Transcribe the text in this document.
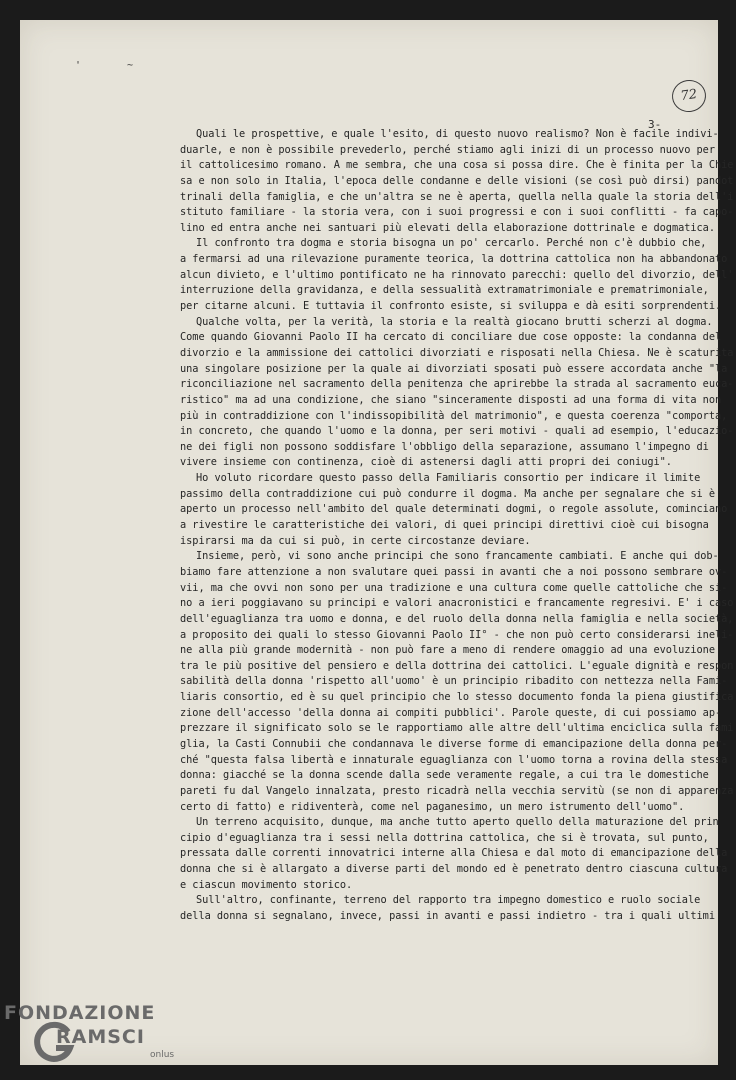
' ~
72
3-
Quali le prospettive, e quale l'esito, di questo nuovo realismo? Non è facile indivi-
duarle, e non è possibile prevederlo, perché stiamo agli inizi di un processo nuovo per
il cattolicesimo romano. A me sembra, che una cosa si possa dire. Che è finita per la Chie
sa e non solo in Italia, l'epoca delle condanne e delle visioni (se così può dirsi) pandot
trinali della famiglia, e che un'altra se ne è aperta, quella nella quale la storia dell'i
stituto familiare - la storia vera, con i suoi progressi e con i suoi conflitti - fa capo-
lino ed entra anche nei santuari più elevati della elaborazione dottrinale e dogmatica.
Il confronto tra dogma e storia bisogna un po' cercarlo. Perché non c'è dubbio che,
a fermarsi ad una rilevazione puramente teorica, la dottrina cattolica non ha abbandonato
alcun divieto, e l'ultimo pontificato ne ha rinnovato parecchi: quello del divorzio, dell'
interruzione della gravidanza, e della sessualità extramatrimoniale e prematrimoniale,
per citarne alcuni. E tuttavia il confronto esiste, si sviluppa e dà esiti sorprendenti.
Qualche volta, per la verità, la storia e la realtà giocano brutti scherzi al dogma.
Come quando Giovanni Paolo II ha cercato di conciliare due cose opposte: la condanna del
divorzio e la ammissione dei cattolici divorziati e risposati nella Chiesa. Ne è scaturita
una singolare posizione per la quale ai divorziati sposati può essere accordata anche "la
riconciliazione nel sacramento della penitenza che aprirebbe la strada al sacramento euca-
ristico" ma ad una condizione, che siano "sinceramente disposti ad una forma di vita non
più in contraddizione con l'indissopibilità del matrimonio", e questa coerenza "comporta,
in concreto, che quando l'uomo e la donna, per seri motivi - quali ad esempio, l'educazio-
ne dei figli non possono soddisfare l'obbligo della separazione, assumano l'impegno di
vivere insieme con continenza, cioè di astenersi dagli atti propri dei coniugi".
Ho voluto ricordare questo passo della Familiaris consortio per indicare il limite
passimo della contraddizione cui può condurre il dogma. Ma anche per segnalare che si è
aperto un processo nell'ambito del quale determinati dogmi, o regole assolute, cominciano
a rivestire le caratteristiche dei valori, di quei principi direttivi cioè cui bisogna
ispirarsi ma da cui si può, in certe circostanze deviare.
Insieme, però, vi sono anche principi che sono francamente cambiati. E anche qui dob-
biamo fare attenzione a non svalutare quei passi in avanti che a noi possono sembrare ov-
vii, ma che ovvi non sono per una tradizione e una cultura come quelle cattoliche che si-
no a ieri poggiavano su principi e valori anacronistici e francamente regresivi. E' i caso
dell'eguaglianza tra uomo e donna, e del ruolo della donna nella famiglia e nella società,
a proposito dei quali lo stesso Giovanni Paolo II° - che non può certo considerarsi ineli-
ne alla più grande modernità - non può fare a meno di rendere omaggio ad una evoluzione
tra le più positive del pensiero e della dottrina dei cattolici. L'eguale dignità e respon
sabilità della donna 'rispetto all'uomo' è un principio ribadito con nettezza nella Fami-
liaris consortio, ed è su quel principio che lo stesso documento fonda la piena giustifica
zione dell'accesso 'della donna ai compiti pubblici'. Parole queste, di cui possiamo ap-
prezzare il significato solo se le rapportiamo alle altre dell'ultima enciclica sulla fami
glia, la Casti Connubii che condannava le diverse forme di emancipazione della donna per-
ché "questa falsa libertà e innaturale eguaglianza con l'uomo torna a rovina della stessa
donna: giacché se la donna scende dalla sede veramente regale, a cui tra le domestiche
pareti fu dal Vangelo innalzata, presto ricadrà nella vecchia servitù (se non di apparenza
certo di fatto) e ridiventerà, come nel paganesimo, un mero istrumento dell'uomo".
Un terreno acquisito, dunque, ma anche tutto aperto quello della maturazione del prin
cipio d'eguaglianza tra i sessi nella dottrina cattolica, che si è trovata, sul punto,
pressata dalle correnti innovatrici interne alla Chiesa e dal moto di emancipazione della
donna che si è allargato a diverse parti del mondo ed è penetrato dentro ciascuna cultura
e ciascun movimento storico.
Sull'altro, confinante, terreno del rapporto tra impegno domestico e ruolo sociale
della donna si segnalano, invece, passi in avanti e passi indietro - tra i quali ultimi
FONDAZIONE
RAMSCI
onlus
